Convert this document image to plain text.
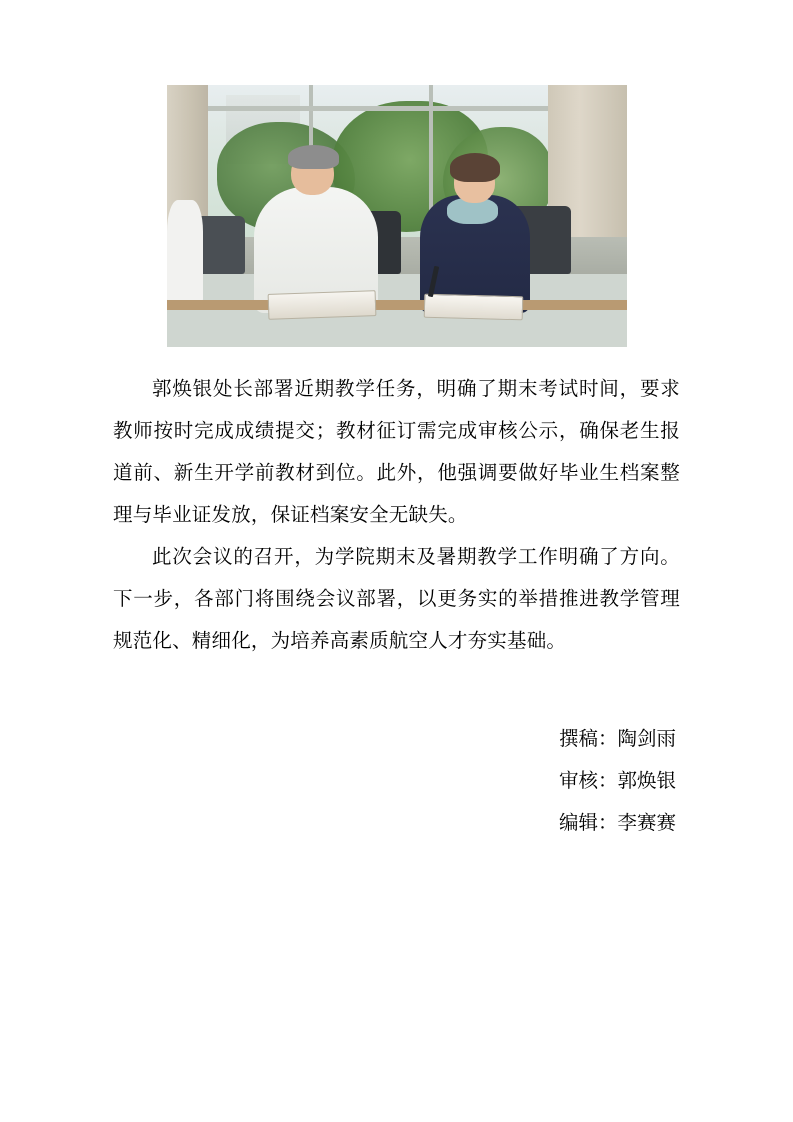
郭焕银处长部署近期教学任务，明确了期末考试时间，要求教师按时完成成绩提交；教材征订需完成审核公示，确保老生报道前、新生开学前教材到位。此外，他强调要做好毕业生档案整理与毕业证发放，保证档案安全无缺失。

此次会议的召开，为学院期末及暑期教学工作明确了方向。下一步，各部门将围绕会议部署，以更务实的举措推进教学管理规范化、精细化，为培养高素质航空人才夯实基础。

撰稿：陶剑雨
审核：郭焕银
编辑：李赛赛
